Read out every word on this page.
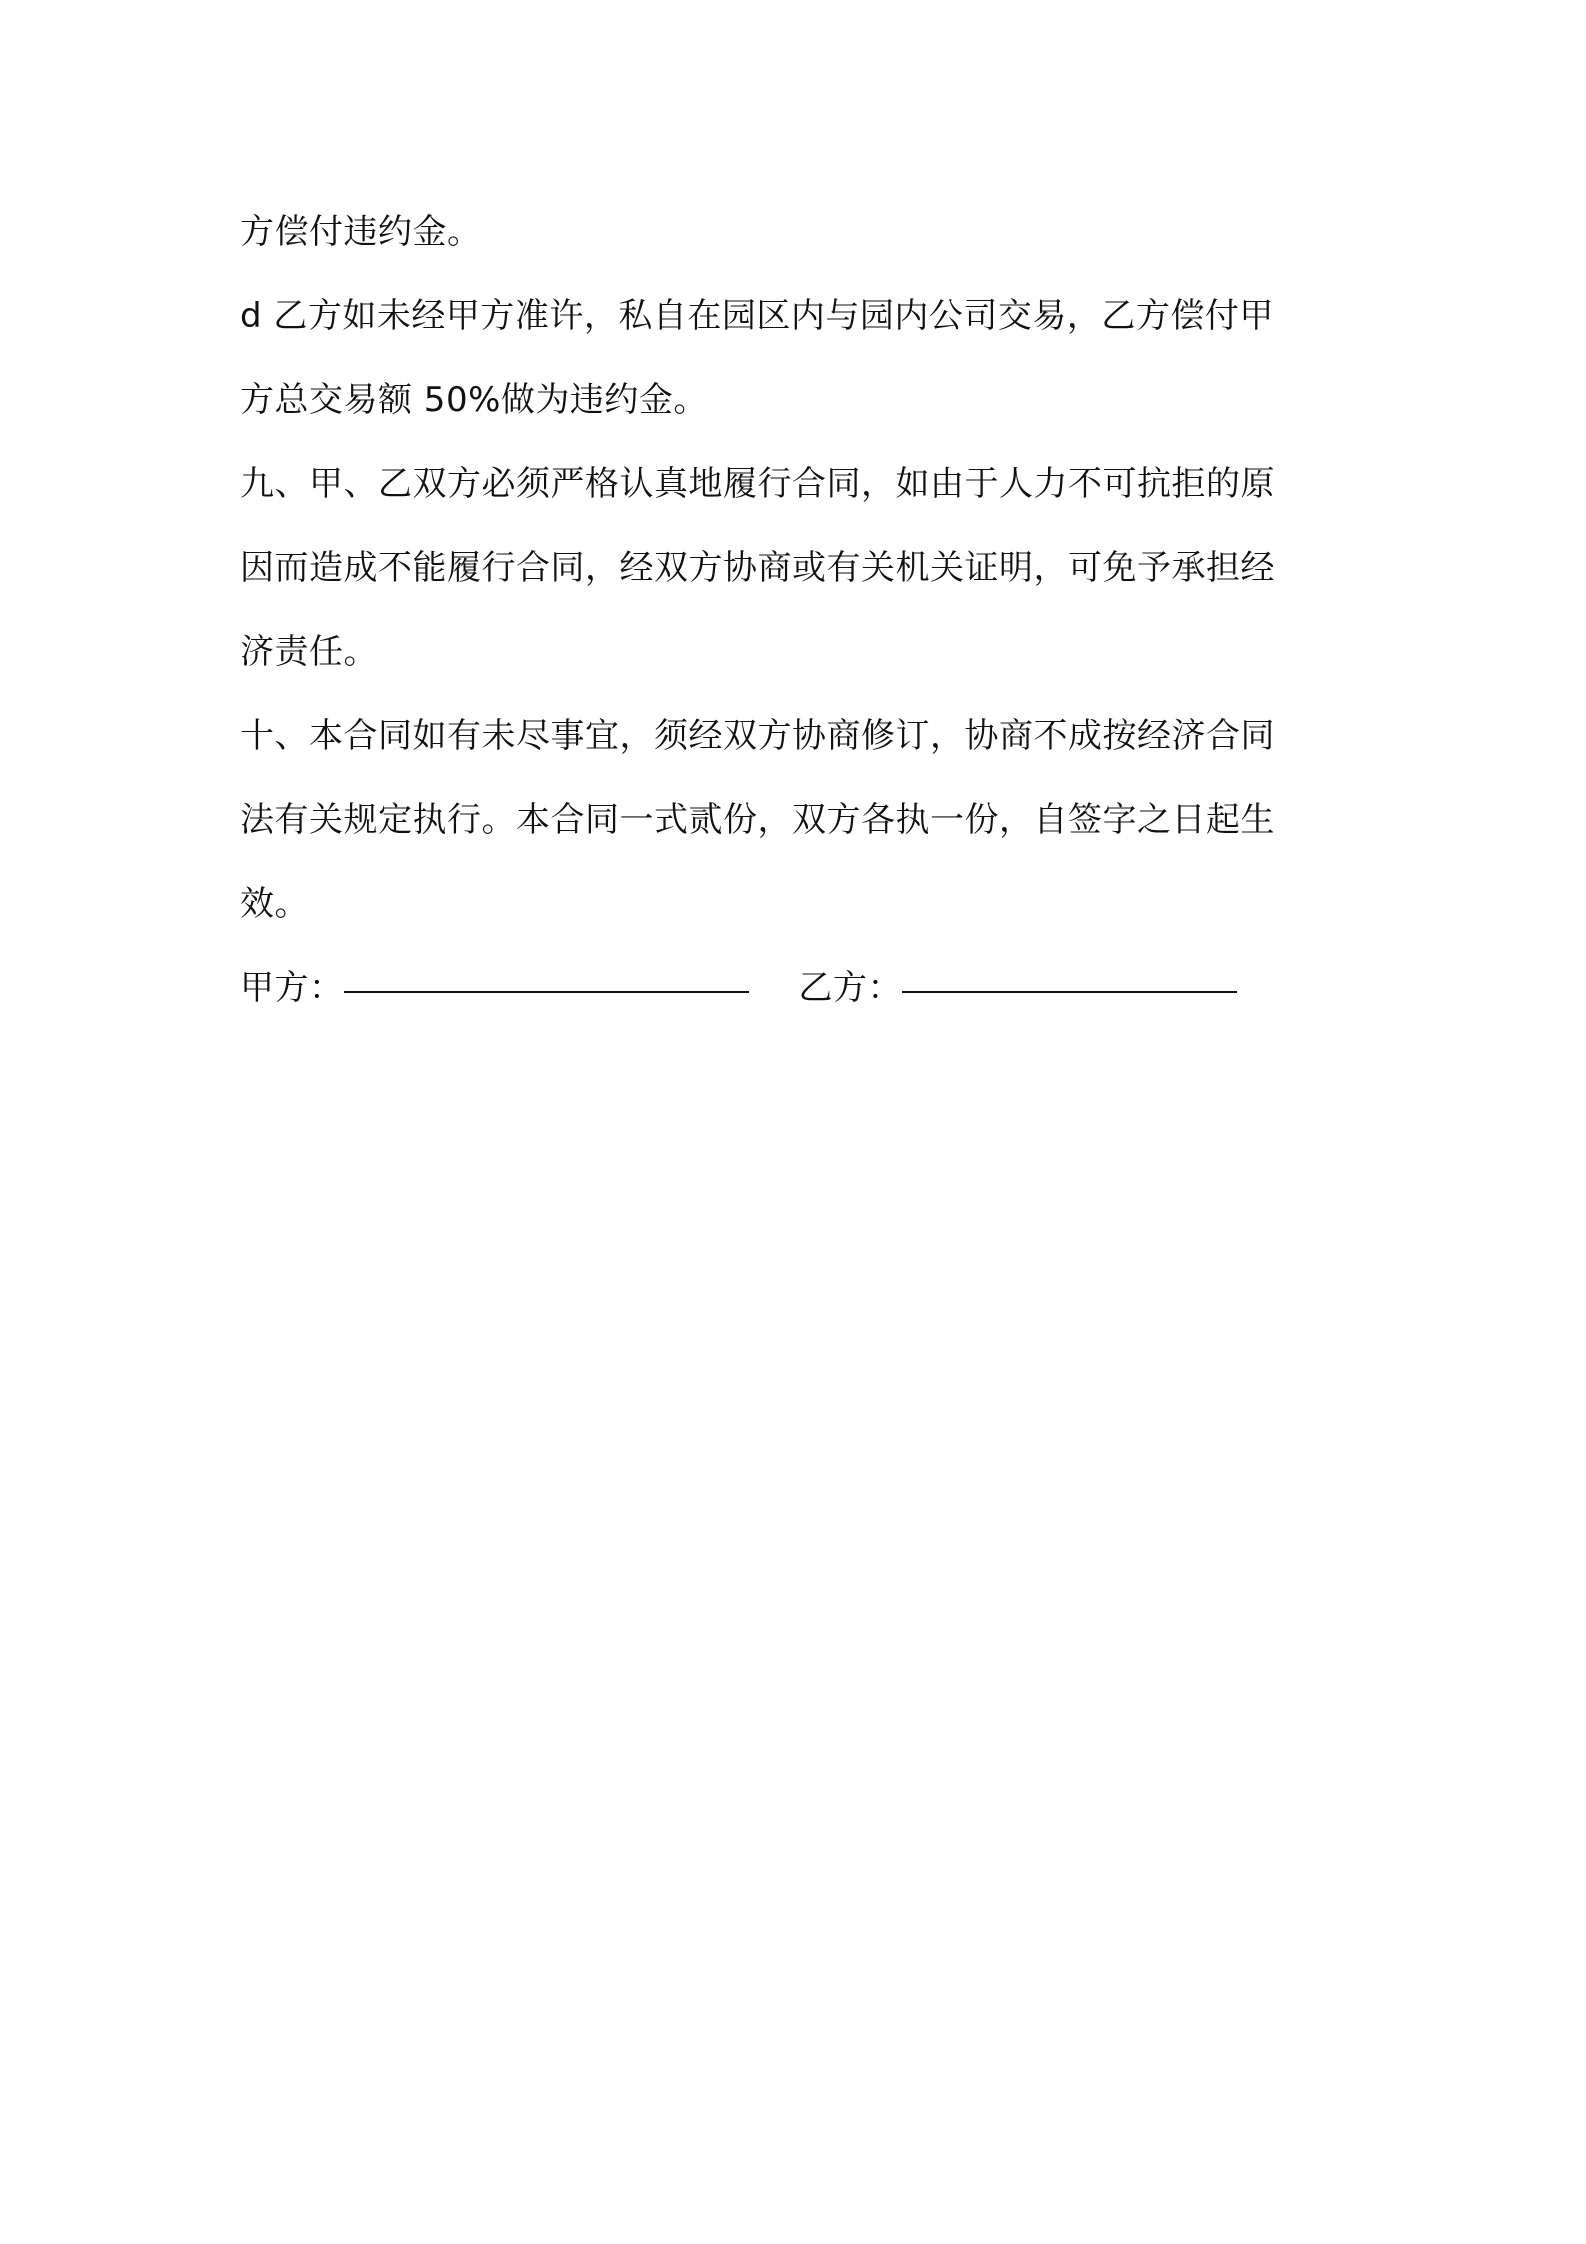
方偿付违约金。
d 乙方如未经甲方准许，私自在园区内与园内公司交易，乙方偿付甲
方总交易额 50%做为违约金。
九、甲、乙双方必须严格认真地履行合同，如由于人力不可抗拒的原
因而造成不能履行合同，经双方协商或有关机关证明，可免予承担经
济责任。
十、本合同如有未尽事宜，须经双方协商修订，协商不成按经济合同
法有关规定执行。本合同一式贰份，双方各执一份，自签字之日起生
效。
甲方：	乙方：
